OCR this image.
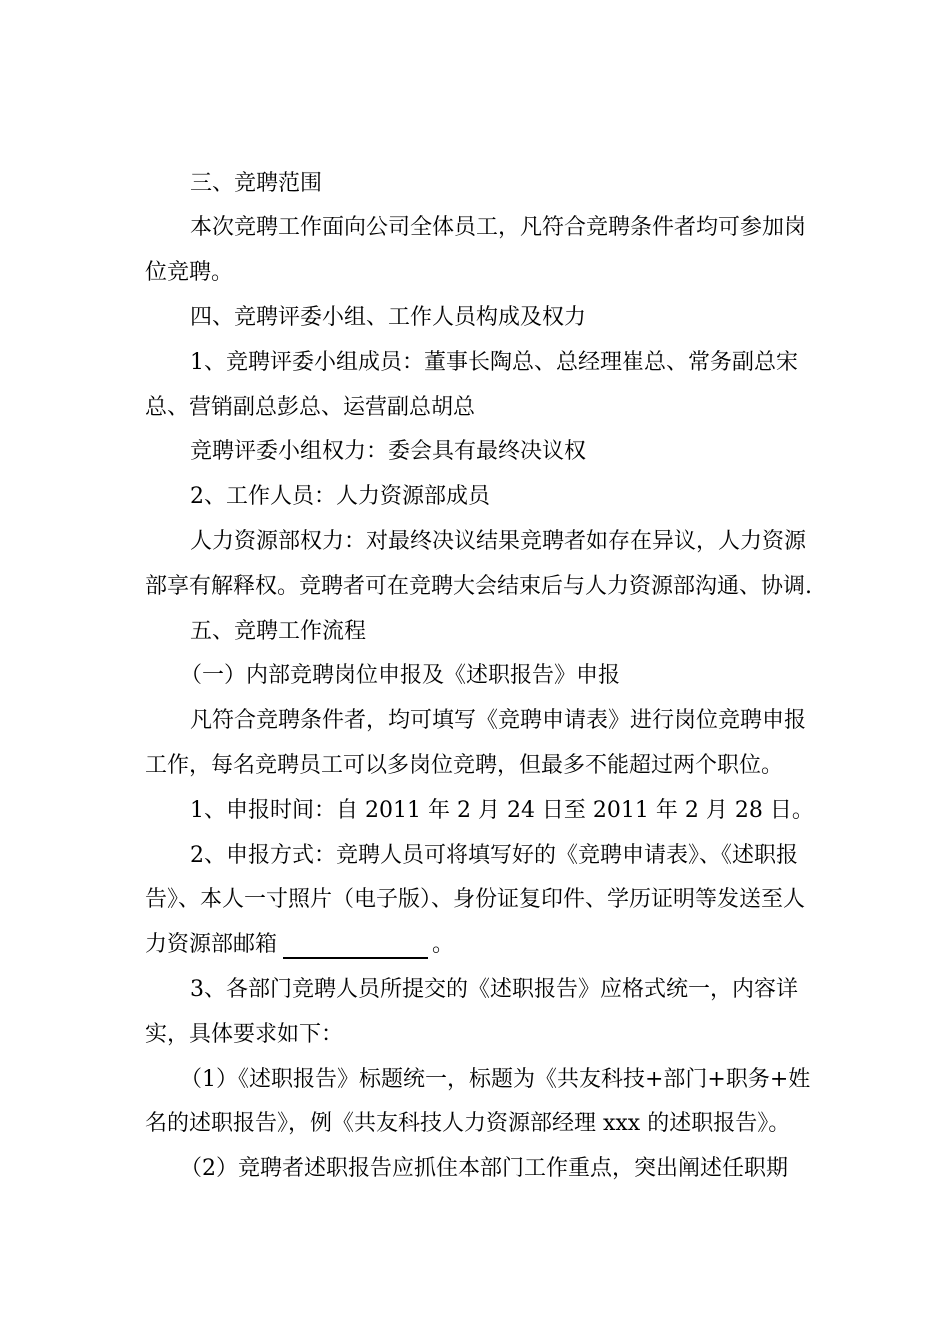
三、竞聘范围

本次竞聘工作面向公司全体员工，凡符合竞聘条件者均可参加岗

位竞聘。

四、竞聘评委小组、工作人员构成及权力

1、竞聘评委小组成员：董事长陶总、总经理崔总、常务副总宋

总、营销副总彭总、运营副总胡总

竞聘评委小组权力：委会具有最终决议权

2、工作人员：人力资源部成员

人力资源部权力：对最终决议结果竞聘者如存在异议，人力资源

部享有解释权。竞聘者可在竞聘大会结束后与人力资源部沟通、协调.

五、竞聘工作流程

（一）内部竞聘岗位申报及《述职报告》申报

凡符合竞聘条件者，均可填写《竞聘申请表》进行岗位竞聘申报

工作，每名竞聘员工可以多岗位竞聘，但最多不能超过两个职位。

1、申报时间：自 2011 年 2 月 24 日至 2011 年 2 月 28 日。

2、申报方式：竞聘人员可将填写好的《竞聘申请表》、《述职报

告》、本人一寸照片（电子版）、身份证复印件、学历证明等发送至人

力资源部邮箱	。

3、各部门竞聘人员所提交的《述职报告》应格式统一，内容详

实，具体要求如下：

（1）《述职报告》标题统一，标题为《共友科技+部门+职务+姓

名的述职报告》，例《共友科技人力资源部经理 xxx 的述职报告》。

（2）竞聘者述职报告应抓住本部门工作重点，突出阐述任职期
